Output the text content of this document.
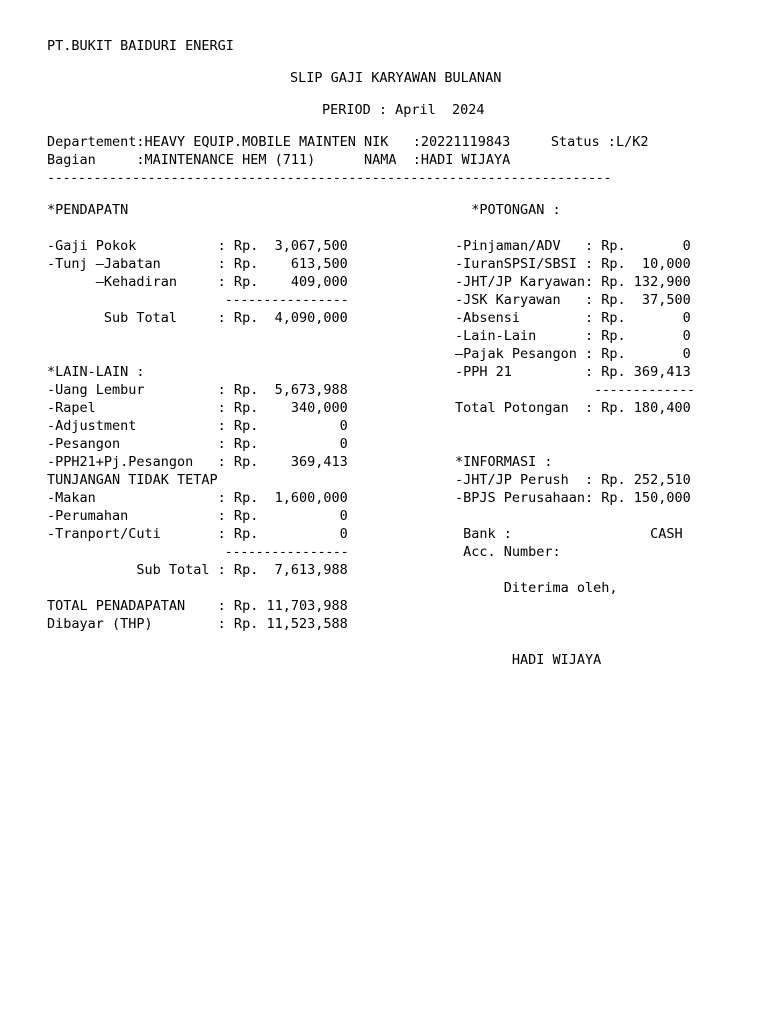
PT.BUKIT BAIDURI ENERGI
SLIP GAJI KARYAWAN BULANAN
PERIOD : April  2024
Departement:HEAVY EQUIP.MOBILE MAINTEN NIK   :20221119843     Status :L/K2
Bagian     :MAINTENANCE HEM (711)      NAMA  :HADI WIJAYA
-------------------------------------------------------------------------
*PENDAPATN
-Gaji Pokok          : Rp.  3,067,500
-Tunj –Jabatan       : Rp.    613,500
–Kehadiran     : Rp.    409,000
----------------
Sub Total     : Rp.  4,090,000
*LAIN-LAIN :
-Uang Lembur         : Rp.  5,673,988
-Rapel               : Rp.    340,000
-Adjustment          : Rp.          0
-Pesangon            : Rp.          0
-PPH21+Pj.Pesangon   : Rp.    369,413
TUNJANGAN TIDAK TETAP
-Makan               : Rp.  1,600,000
-Perumahan           : Rp.          0
-Tranport/Cuti       : Rp.          0
----------------
Sub Total : Rp.  7,613,988
TOTAL PENADAPATAN    : Rp. 11,703,988
Dibayar (THP)        : Rp. 11,523,588
*POTONGAN :
-Pinjaman/ADV   : Rp.       0
-IuranSPSI/SBSI : Rp.  10,000
-JHT/JP Karyawan: Rp. 132,900
-JSK Karyawan   : Rp.  37,500
-Absensi        : Rp.       0
-Lain-Lain      : Rp.       0
–Pajak Pesangon : Rp.       0
-PPH 21         : Rp. 369,413
-------------
Total Potongan  : Rp. 180,400
*INFORMASI :
-JHT/JP Perush  : Rp. 252,510
-BPJS Perusahaan: Rp. 150,000
Bank :                 CASH
Acc. Number:
Diterima oleh,
HADI WIJAYA
